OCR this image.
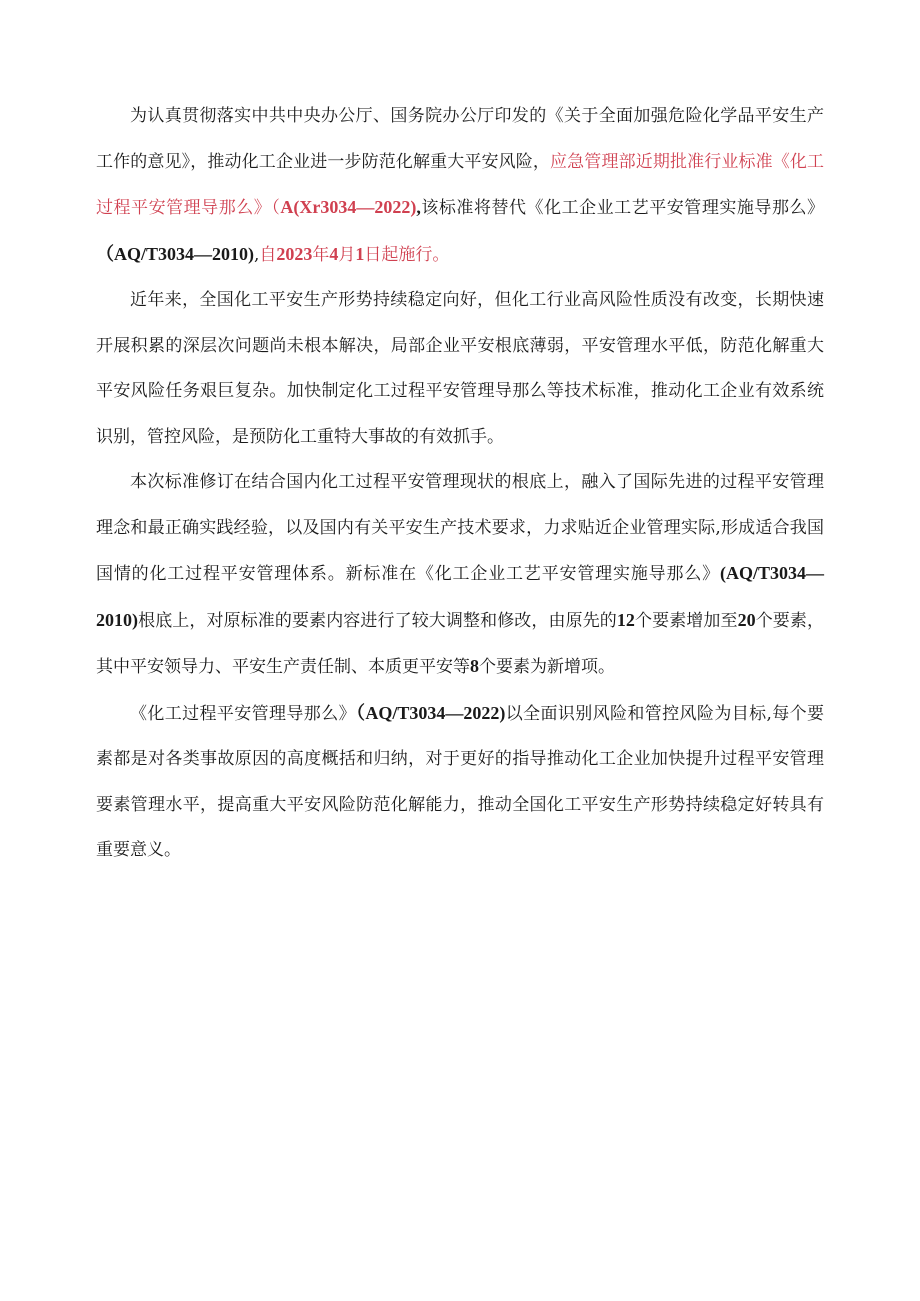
为认真贯彻落实中共中央办公厅、国务院办公厅印发的《关于全面加强危险化学品平安生产工作的意见》，推动化工企业进一步防范化解重大平安风险，应急管理部近期批准行业标准《化工过程平安管理导那么》（A(Xr3034—2022),该标准将替代《化工企业工艺平安管理实施导那么》（AQ/T3034—2010),自2023年4月1日起施行。

近年来，全国化工平安生产形势持续稳定向好，但化工行业高风险性质没有改变，长期快速开展积累的深层次问题尚未根本解决，局部企业平安根底薄弱，平安管理水平低，防范化解重大平安风险任务艰巨复杂。加快制定化工过程平安管理导那么等技术标准，推动化工企业有效系统识别，管控风险，是预防化工重特大事故的有效抓手。

本次标准修订在结合国内化工过程平安管理现状的根底上，融入了国际先进的过程平安管理理念和最正确实践经验，以及国内有关平安生产技术要求，力求贴近企业管理实际,形成适合我国国情的化工过程平安管理体系。新标准在《化工企业工艺平安管理实施导那么》(AQ/T3034—2010)根底上，对原标准的要素内容进行了较大调整和修改，由原先的12个要素增加至20个要素，其中平安领导力、平安生产责任制、本质更平安等8个要素为新增项。

《化工过程平安管理导那么》（AQ/T3034—2022)以全面识别风险和管控风险为目标,每个要素都是对各类事故原因的高度概括和归纳，对于更好的指导推动化工企业加快提升过程平安管理要素管理水平，提高重大平安风险防范化解能力，推动全国化工平安生产形势持续稳定好转具有重要意义。
